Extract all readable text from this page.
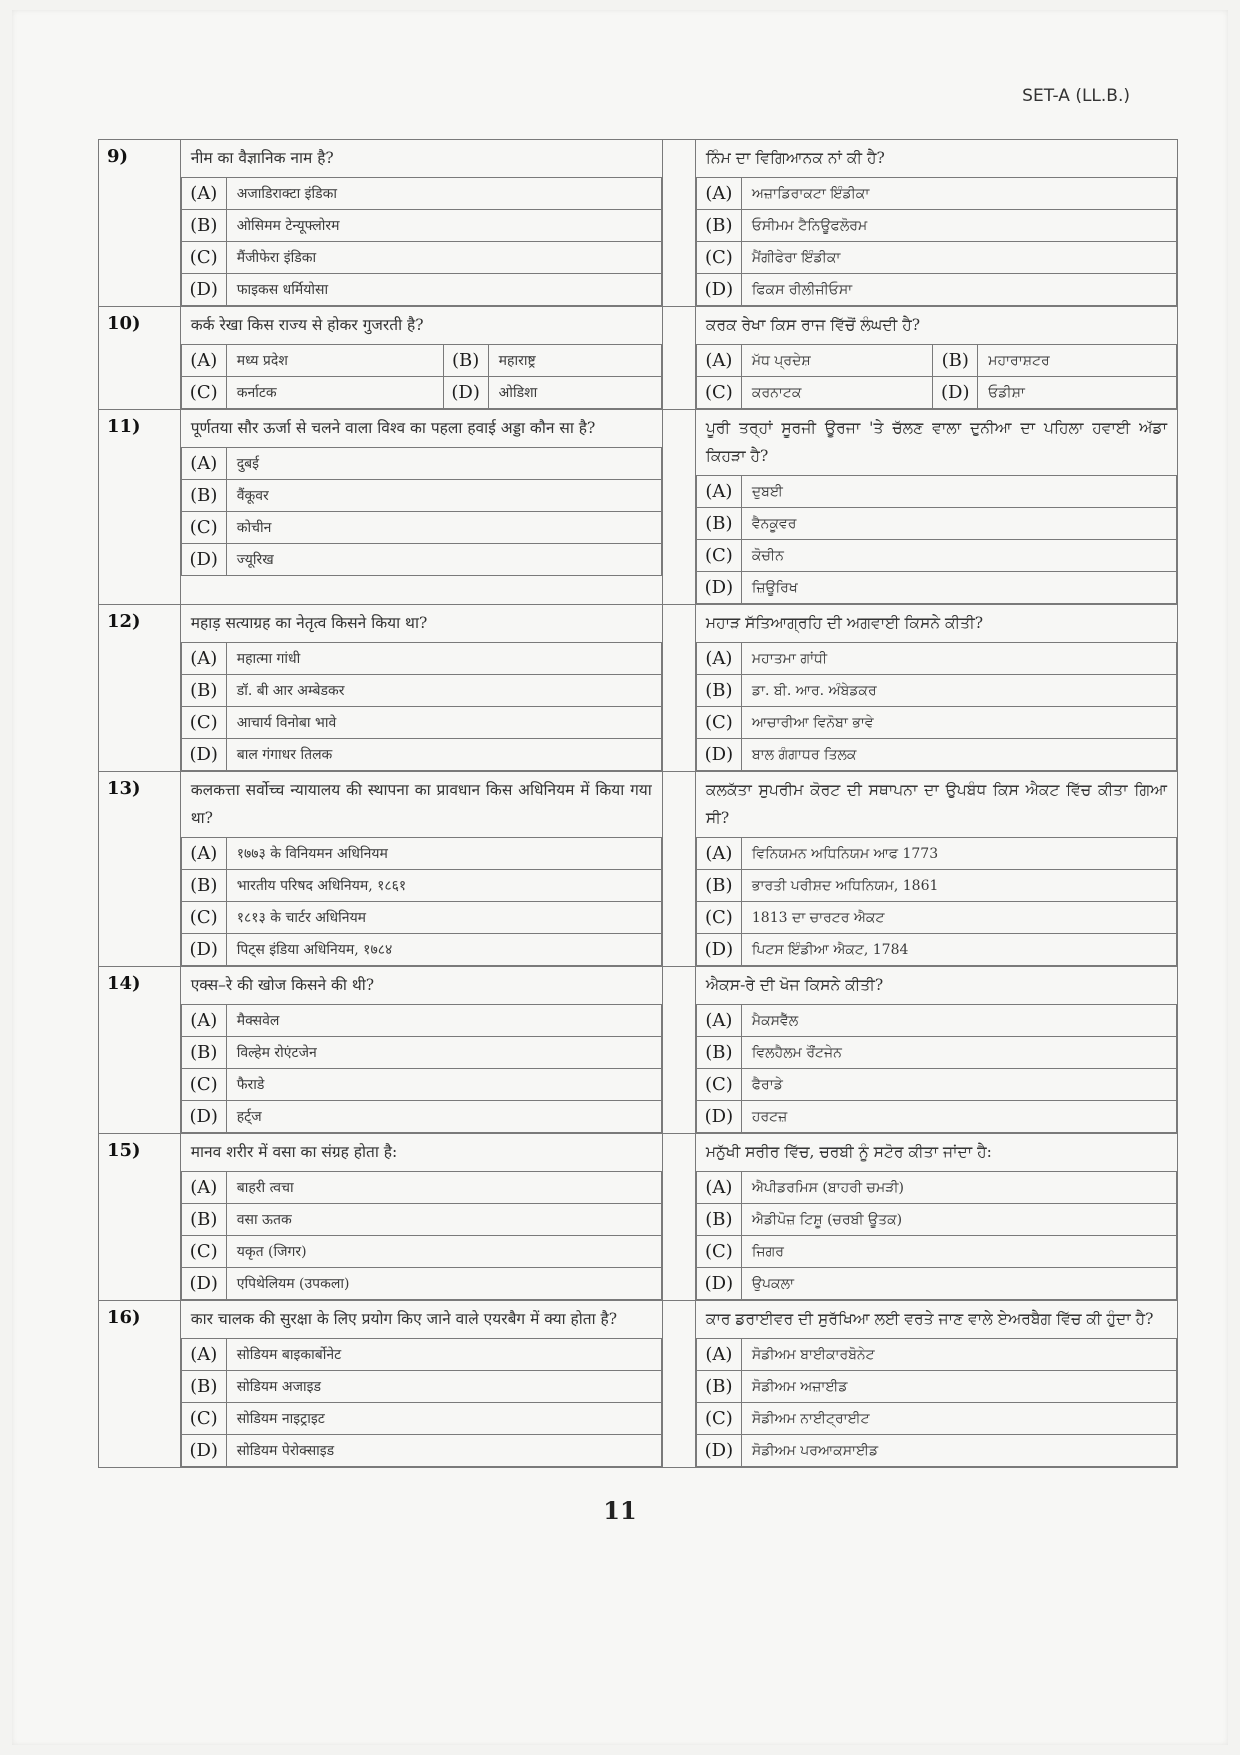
SET-A (LL.B.)
9)	नीम का वैज्ञानिक नाम है?
(A)	अजाडिराक्टा इंडिका
(B)	ओसिमम टेन्यूफ्लोरम
(C)	मैंजीफेरा इंडिका
(D)	फाइकस धर्मियोसा

ਨਿੰਮ ਦਾ ਵਿਗਿਆਨਕ ਨਾਂ ਕੀ ਹੈ?
(A)	ਅਜ਼ਾਡਿਰਾਕਟਾ ਇੰਡੀਕਾ
(B)	ਓਸੀਮਮ ਟੈਨਿਊਫਲੋਰਮ
(C)	ਮੈਂਗੀਫੇਰਾ ਇੰਡੀਕਾ
(D)	ਫਿਕਸ ਰੀਲੀਜੀਓਸਾ

10)	कर्क रेखा किस राज्य से होकर गुजरती है?
(A)	मध्य प्रदेश	(B)	महाराष्ट्र
(C)	कर्नाटक	(D)	ओडिशा

ਕਰਕ ਰੇਖਾ ਕਿਸ ਰਾਜ ਵਿੱਚੋਂ ਲੰਘਦੀ ਹੈ?
(A)	ਮੱਧ ਪ੍ਰਦੇਸ਼	(B)	ਮਹਾਰਾਸ਼ਟਰ
(C)	ਕਰਨਾਟਕ	(D)	ਓਡੀਸ਼ਾ

11)	पूर्णतया सौर ऊर्जा से चलने वाला विश्व का पहला हवाई अड्डा कौन सा है?
(A)	दुबई
(B)	वैंकूवर
(C)	कोचीन
(D)	ज्यूरिख

ਪੂਰੀ ਤਰ੍ਹਾਂ ਸੂਰਜੀ ਊਰਜਾ 'ਤੇ ਚੱਲਣ ਵਾਲਾ ਦੁਨੀਆ ਦਾ ਪਹਿਲਾ ਹਵਾਈ ਅੱਡਾ ਕਿਹੜਾ ਹੈ?
(A)	ਦੁਬਈ
(B)	ਵੈਨਕੂਵਰ
(C)	ਕੋਚੀਨ
(D)	ਜ਼ਿਊਰਿਖ

12)	महाड़ सत्याग्रह का नेतृत्व किसने किया था?
(A)	महात्मा गांधी
(B)	डॉ. बी आर अम्बेडकर
(C)	आचार्य विनोबा भावे
(D)	बाल गंगाधर तिलक

ਮਹਾੜ ਸੱਤਿਆਗ੍ਰਹਿ ਦੀ ਅਗਵਾਈ ਕਿਸਨੇ ਕੀਤੀ?
(A)	ਮਹਾਤਮਾ ਗਾਂਧੀ
(B)	ਡਾ. ਬੀ. ਆਰ. ਅੰਬੇਡਕਰ
(C)	ਆਚਾਰੀਆ ਵਿਨੋਬਾ ਭਾਵੇ
(D)	ਬਾਲ ਗੰਗਾਧਰ ਤਿਲਕ

13)	कलकत्ता सर्वोच्च न्यायालय की स्थापना का प्रावधान किस अधिनियम में किया गया था?
(A)	१७७३ के विनियमन अधिनियम
(B)	भारतीय परिषद अधिनियम, १८६१
(C)	१८१३ के चार्टर अधिनियम
(D)	पिट्स इंडिया अधिनियम, १७८४

ਕਲਕੱਤਾ ਸੁਪਰੀਮ ਕੋਰਟ ਦੀ ਸਥਾਪਨਾ ਦਾ ਉਪਬੰਧ ਕਿਸ ਐਕਟ ਵਿੱਚ ਕੀਤਾ ਗਿਆ ਸੀ?
(A)	ਵਿਨਿਯਮਨ ਅਧਿਨਿਯਮ ਆਫ 1773
(B)	ਭਾਰਤੀ ਪਰੀਸ਼ਦ ਅਧਿਨਿਯਮ, 1861
(C)	1813 ਦਾ ਚਾਰਟਰ ਐਕਟ
(D)	ਪਿਟਸ ਇੰਡੀਆ ਐਕਟ, 1784

14)	एक्स–रे की खोज किसने की थी?
(A)	मैक्सवेल
(B)	विल्हेम रोएंटजेन
(C)	फैराडे
(D)	हर्ट्ज

ਐਕਸ-ਰੇ ਦੀ ਖੋਜ ਕਿਸਨੇ ਕੀਤੀ?
(A)	ਮੈਕਸਵੈੱਲ
(B)	ਵਿਲਹੈਲਮ ਰੌਂਟਜੇਨ
(C)	ਫੈਰਾਡੇ
(D)	ਹਰਟਜ਼

15)	मानव शरीर में वसा का संग्रह होता है:
(A)	बाहरी त्वचा
(B)	वसा ऊतक
(C)	यकृत (जिगर)
(D)	एपिथेलियम (उपकला)

ਮਨੁੱਖੀ ਸਰੀਰ ਵਿੱਚ, ਚਰਬੀ ਨੂੰ ਸਟੋਰ ਕੀਤਾ ਜਾਂਦਾ ਹੈ:
(A)	ਐਪੀਡਰਮਿਸ (ਬਾਹਰੀ ਚਮੜੀ)
(B)	ਐਡੀਪੋਜ਼ ਟਿਸ਼ੂ (ਚਰਬੀ ਊਤਕ)
(C)	ਜਿਗਰ
(D)	ਉਪਕਲਾ

16)	कार चालक की सुरक्षा के लिए प्रयोग किए जाने वाले एयरबैग में क्या होता है?
(A)	सोडियम बाइकार्बोनेट
(B)	सोडियम अजाइड
(C)	सोडियम नाइट्राइट
(D)	सोडियम पेरोक्साइड

ਕਾਰ ਡਰਾਈਵਰ ਦੀ ਸੁਰੱਖਿਆ ਲਈ ਵਰਤੇ ਜਾਣ ਵਾਲੇ ਏਅਰਬੈਗ ਵਿੱਚ ਕੀ ਹੁੰਦਾ ਹੈ?
(A)	ਸੋਡੀਅਮ ਬਾਈਕਾਰਬੋਨੇਟ
(B)	ਸੋਡੀਅਮ ਅਜ਼ਾਈਡ
(C)	ਸੋਡੀਅਮ ਨਾਈਟ੍ਰਾਈਟ
(D)	ਸੋਡੀਅਮ ਪਰਆਕਸਾਈਡ
11
